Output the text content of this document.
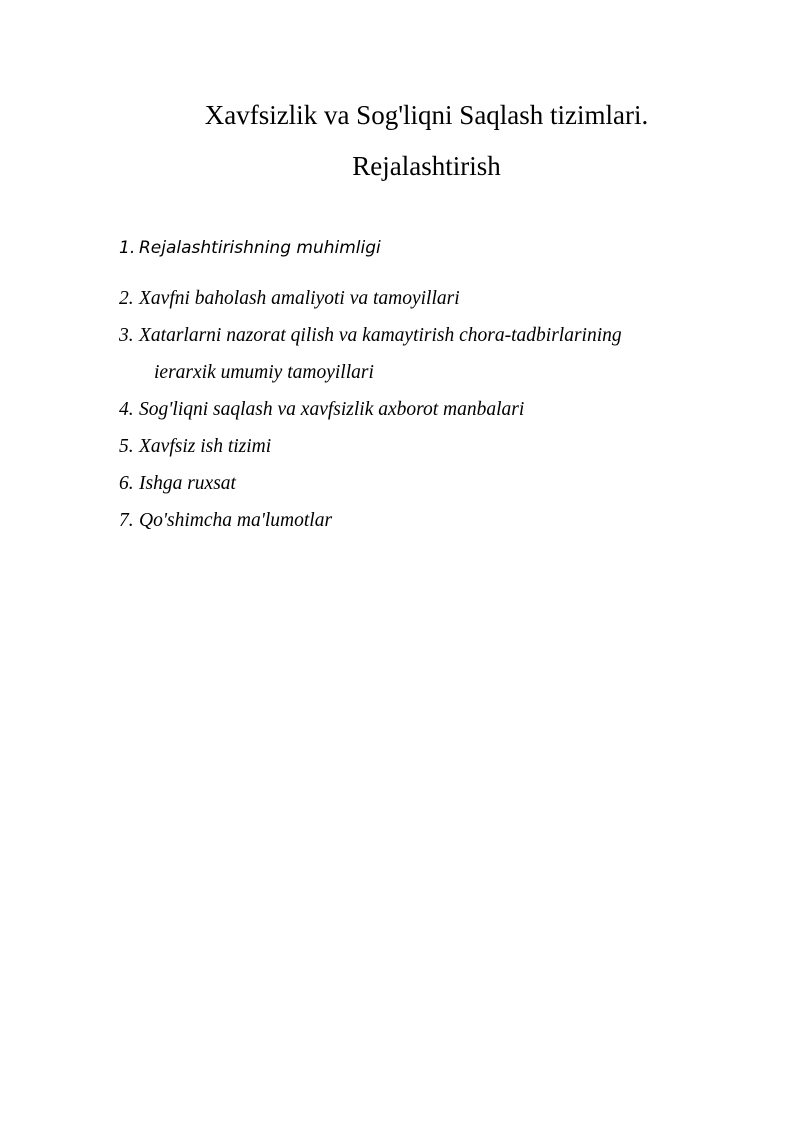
Xavfsizlik va Sog'liqni Saqlash tizimlari.
Rejalashtirish
1. Rejalashtirishning muhimligi
2. Xavfni baholash amaliyoti va tamoyillari
3. Xatarlarni nazorat qilish va kamaytirish chora-tadbirlarining
ierarxik umumiy tamoyillari
4. Sog'liqni saqlash va xavfsizlik axborot manbalari
5. Xavfsiz ish tizimi
6. Ishga ruxsat
7. Qo'shimcha ma'lumotlar
